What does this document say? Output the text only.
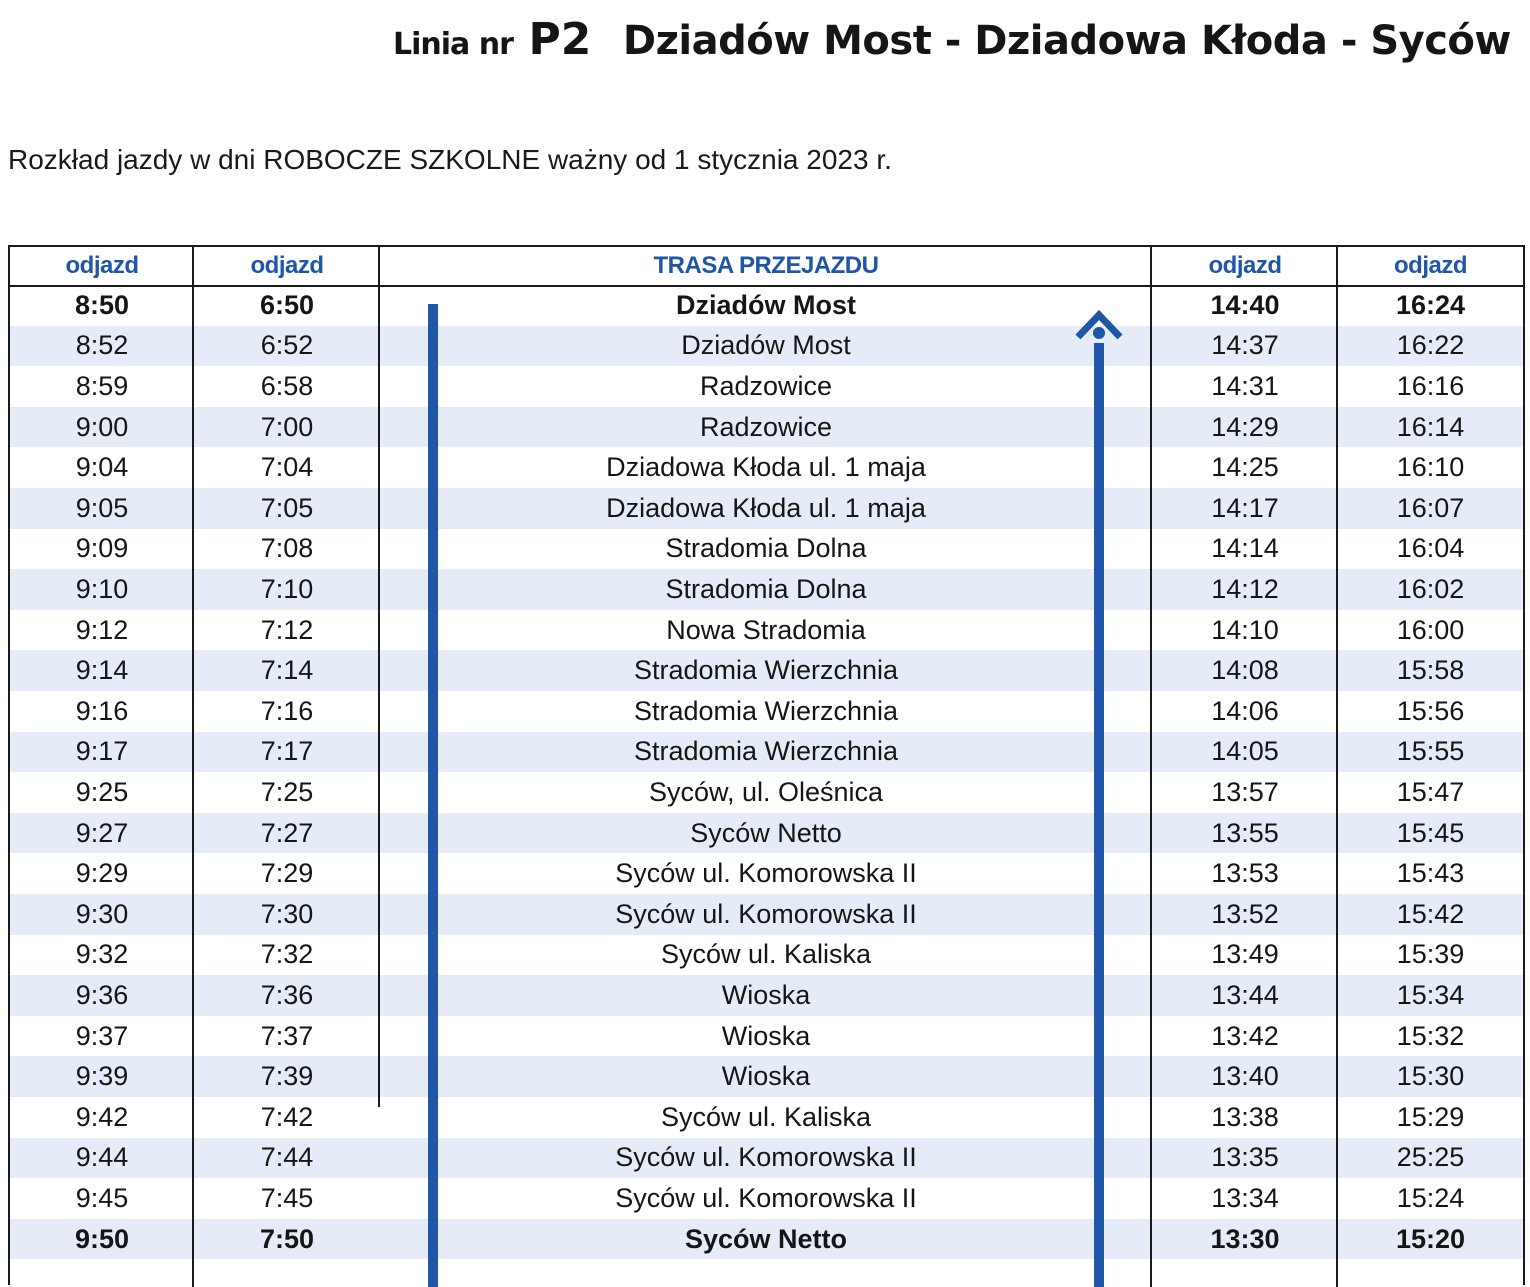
Linia nr P2 Dziadów Most - Dziadowa Kłoda - Syców
Rozkład jazdy w dni ROBOCZE SZKOLNE ważny od 1 stycznia 2023 r.
odjazd	odjazd	TRASA PRZEJAZDU	odjazd	odjazd
8:50	6:50	Dziadów Most	14:40	16:24
8:52	6:52	Dziadów Most	14:37	16:22
8:59	6:58	Radzowice	14:31	16:16
9:00	7:00	Radzowice	14:29	16:14
9:04	7:04	Dziadowa Kłoda ul. 1 maja	14:25	16:10
9:05	7:05	Dziadowa Kłoda ul. 1 maja	14:17	16:07
9:09	7:08	Stradomia Dolna	14:14	16:04
9:10	7:10	Stradomia Dolna	14:12	16:02
9:12	7:12	Nowa Stradomia	14:10	16:00
9:14	7:14	Stradomia Wierzchnia	14:08	15:58
9:16	7:16	Stradomia Wierzchnia	14:06	15:56
9:17	7:17	Stradomia Wierzchnia	14:05	15:55
9:25	7:25	Syców, ul. Oleśnica	13:57	15:47
9:27	7:27	Syców Netto	13:55	15:45
9:29	7:29	Syców ul. Komorowska II	13:53	15:43
9:30	7:30	Syców ul. Komorowska II	13:52	15:42
9:32	7:32	Syców ul. Kaliska	13:49	15:39
9:36	7:36	Wioska	13:44	15:34
9:37	7:37	Wioska	13:42	15:32
9:39	7:39	Wioska	13:40	15:30
9:42	7:42	Syców ul. Kaliska	13:38	15:29
9:44	7:44	Syców ul. Komorowska II	13:35	25:25
9:45	7:45	Syców ul. Komorowska II	13:34	15:24
9:50	7:50	Syców Netto	13:30	15:20
